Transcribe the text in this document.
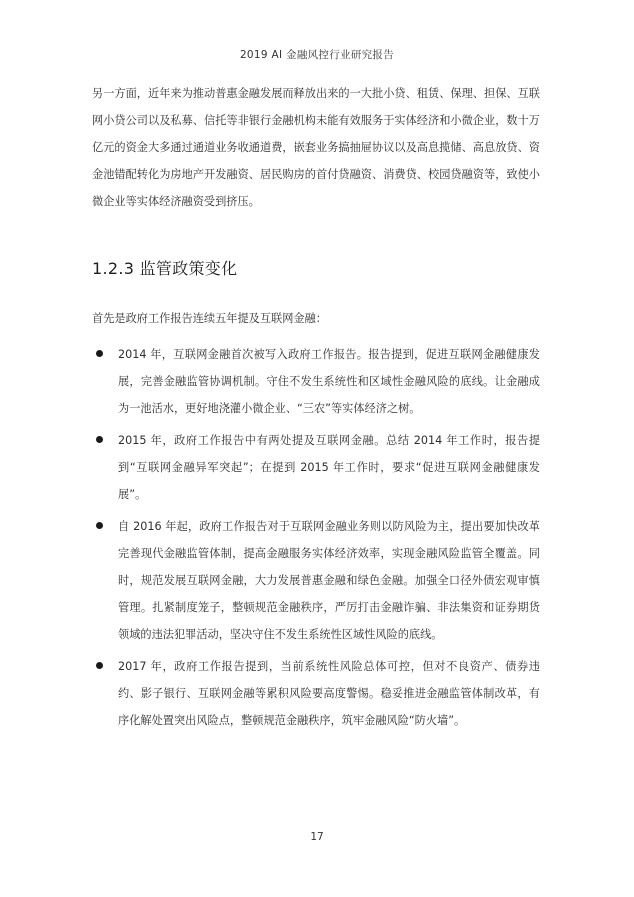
2019 AI 金融风控行业研究报告
另一方面，近年来为推动普惠金融发展而释放出来的一大批小贷、租赁、保理、担保、互联网小贷公司以及私募、信托等非银行金融机构未能有效服务于实体经济和小微企业，数十万亿元的资金大多通过通道业务收通道费，嵌套业务搞抽屉协议以及高息揽储、高息放贷、资金池错配转化为房地产开发融资、居民购房的首付贷融资、消费贷、校园贷融资等，致使小微企业等实体经济融资受到挤压。
1.2.3 监管政策变化
首先是政府工作报告连续五年提及互联网金融：
2014 年，互联网金融首次被写入政府工作报告。报告提到，促进互联网金融健康发展，完善金融监管协调机制。守住不发生系统性和区域性金融风险的底线。让金融成为一池活水，更好地浇灌小微企业、“三农”等实体经济之树。
2015 年，政府工作报告中有两处提及互联网金融。总结 2014 年工作时，报告提到“互联网金融异军突起”；在提到 2015 年工作时，要求“促进互联网金融健康发展”。
自 2016 年起，政府工作报告对于互联网金融业务则以防风险为主，提出要加快改革完善现代金融监管体制，提高金融服务实体经济效率，实现金融风险监管全覆盖。同时，规范发展互联网金融，大力发展普惠金融和绿色金融。加强全口径外债宏观审慎管理。扎紧制度笼子，整顿规范金融秩序，严厉打击金融诈骗、非法集资和证券期货领域的违法犯罪活动，坚决守住不发生系统性区域性风险的底线。
2017 年，政府工作报告提到，当前系统性风险总体可控，但对不良资产、债券违约、影子银行、互联网金融等累积风险要高度警惕。稳妥推进金融监管体制改革，有序化解处置突出风险点，整顿规范金融秩序，筑牢金融风险“防火墙”。
17
